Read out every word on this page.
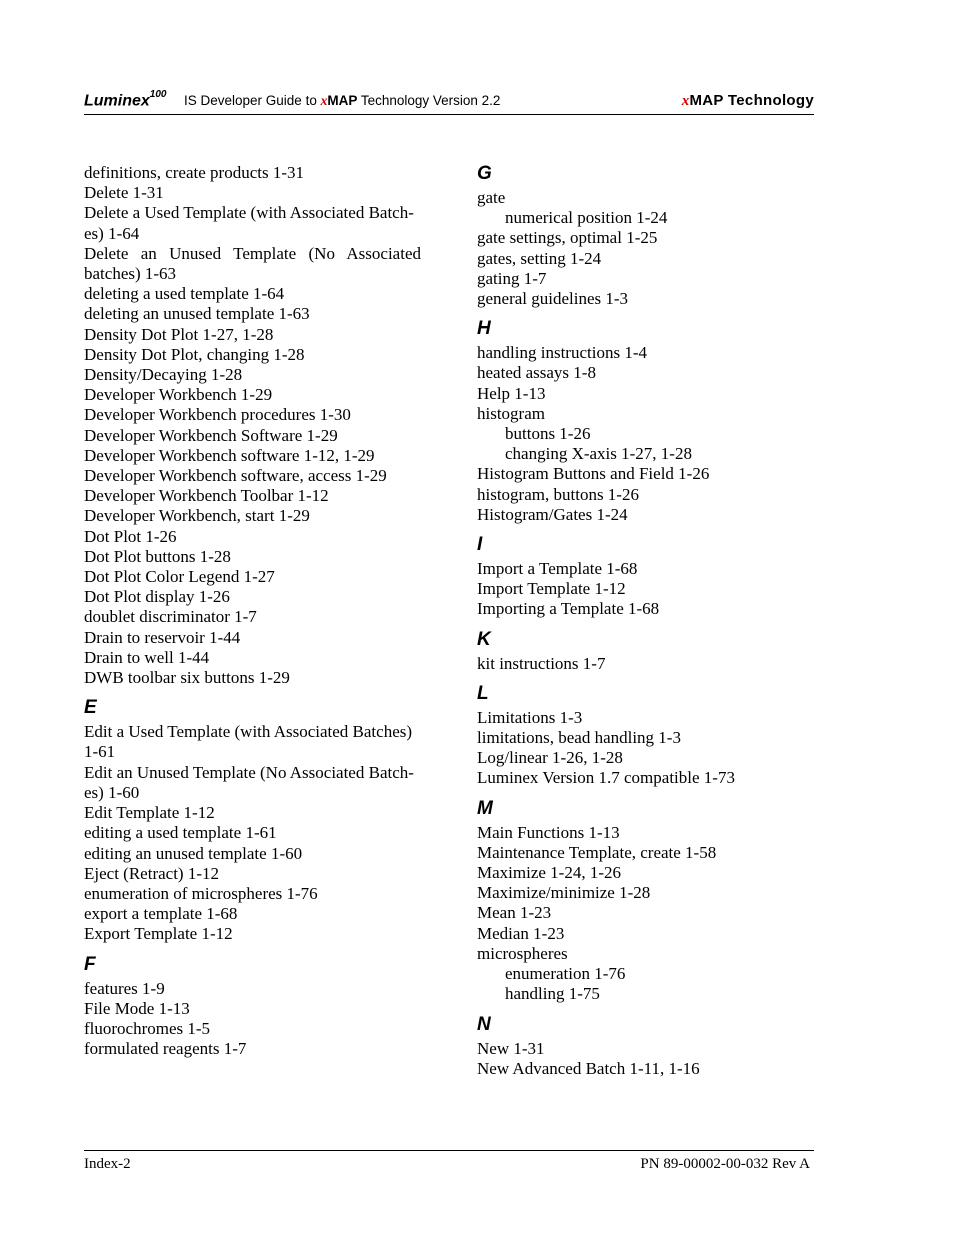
Luminex$^{100}$ IS Developer Guide to xMAP Technology Version 2.2	xMAP Technology
definitions, create products 1-31
Delete 1-31
Delete a Used Template (with Associated Batch-
es) 1-64
Delete an Unused Template (No Associated
batches) 1-63
deleting a used template 1-64
deleting an unused template 1-63
Density Dot Plot 1-27, 1-28
Density Dot Plot, changing 1-28
Density/Decaying 1-28
Developer Workbench 1-29
Developer Workbench procedures 1-30
Developer Workbench Software 1-29
Developer Workbench software 1-12, 1-29
Developer Workbench software, access 1-29
Developer Workbench Toolbar 1-12
Developer Workbench, start 1-29
Dot Plot 1-26
Dot Plot buttons 1-28
Dot Plot Color Legend 1-27
Dot Plot display 1-26
doublet discriminator 1-7
Drain to reservoir 1-44
Drain to well 1-44
DWB toolbar six buttons 1-29
E
Edit a Used Template (with Associated Batches)
1-61
Edit an Unused Template (No Associated Batch-
es) 1-60
Edit Template 1-12
editing a used template 1-61
editing an unused template 1-60
Eject (Retract) 1-12
enumeration of microspheres 1-76
export a template 1-68
Export Template 1-12
F
features 1-9
File Mode 1-13
fluorochromes 1-5
formulated reagents 1-7
G
gate
numerical position 1-24
gate settings, optimal 1-25
gates, setting 1-24
gating 1-7
general guidelines 1-3
H
handling instructions 1-4
heated assays 1-8
Help 1-13
histogram
buttons 1-26
changing X-axis 1-27, 1-28
Histogram Buttons and Field 1-26
histogram, buttons 1-26
Histogram/Gates 1-24
I
Import a Template 1-68
Import Template 1-12
Importing a Template 1-68
K
kit instructions 1-7
L
Limitations 1-3
limitations, bead handling 1-3
Log/linear 1-26, 1-28
Luminex Version 1.7 compatible 1-73
M
Main Functions 1-13
Maintenance Template, create 1-58
Maximize 1-24, 1-26
Maximize/minimize 1-28
Mean 1-23
Median 1-23
microspheres
enumeration 1-76
handling 1-75
N
New 1-31
New Advanced Batch 1-11, 1-16
Index-2	PN 89-00002-00-032 Rev A
